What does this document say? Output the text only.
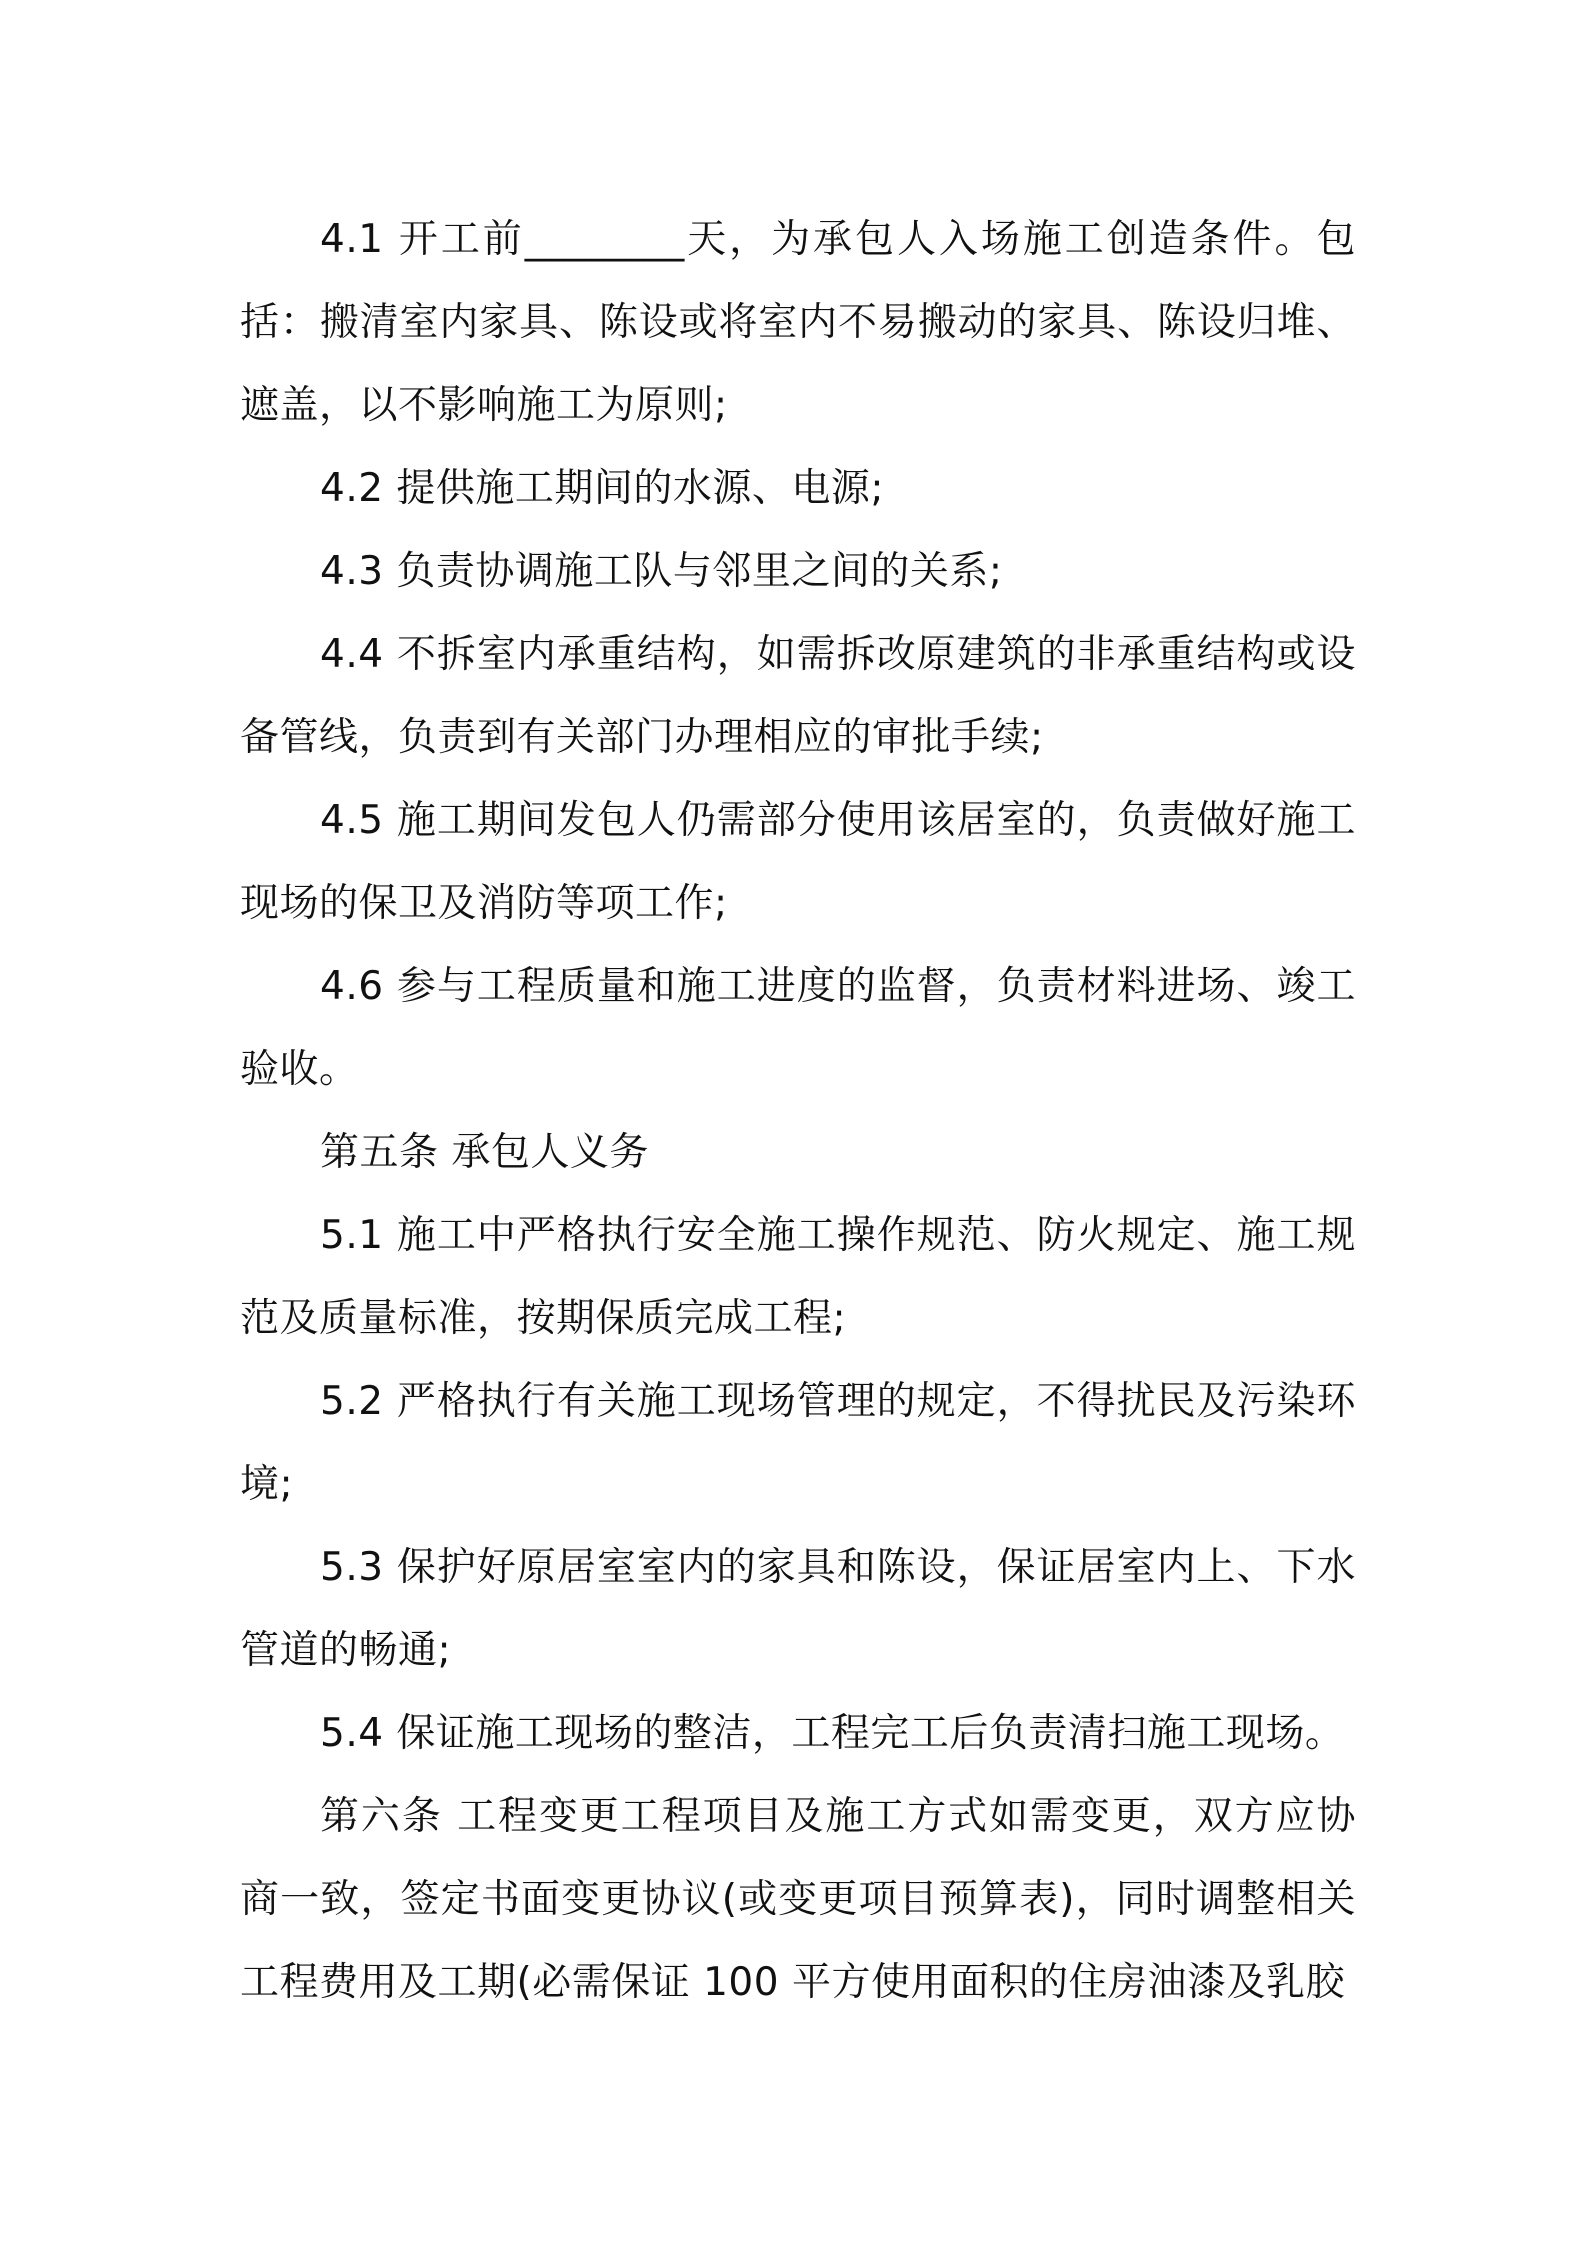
4.1 开工前________天，为承包人入场施工创造条件。包括：搬清室内家具、陈设或将室内不易搬动的家具、陈设归堆、遮盖，以不影响施工为原则;

4.2 提供施工期间的水源、电源;

4.3 负责协调施工队与邻里之间的关系;

4.4 不拆室内承重结构，如需拆改原建筑的非承重结构或设备管线，负责到有关部门办理相应的审批手续;

4.5 施工期间发包人仍需部分使用该居室的，负责做好施工现场的保卫及消防等项工作;

4.6 参与工程质量和施工进度的监督，负责材料进场、竣工验收。

第五条 承包人义务

5.1 施工中严格执行安全施工操作规范、防火规定、施工规范及质量标准，按期保质完成工程;

5.2 严格执行有关施工现场管理的规定，不得扰民及污染环境;

5.3 保护好原居室室内的家具和陈设，保证居室内上、下水管道的畅通;

5.4 保证施工现场的整洁，工程完工后负责清扫施工现场。

第六条 工程变更工程项目及施工方式如需变更，双方应协商一致，签定书面变更协议(或变更项目预算表)，同时调整相关工程费用及工期(必需保证 100 平方使用面积的住房油漆及乳胶
